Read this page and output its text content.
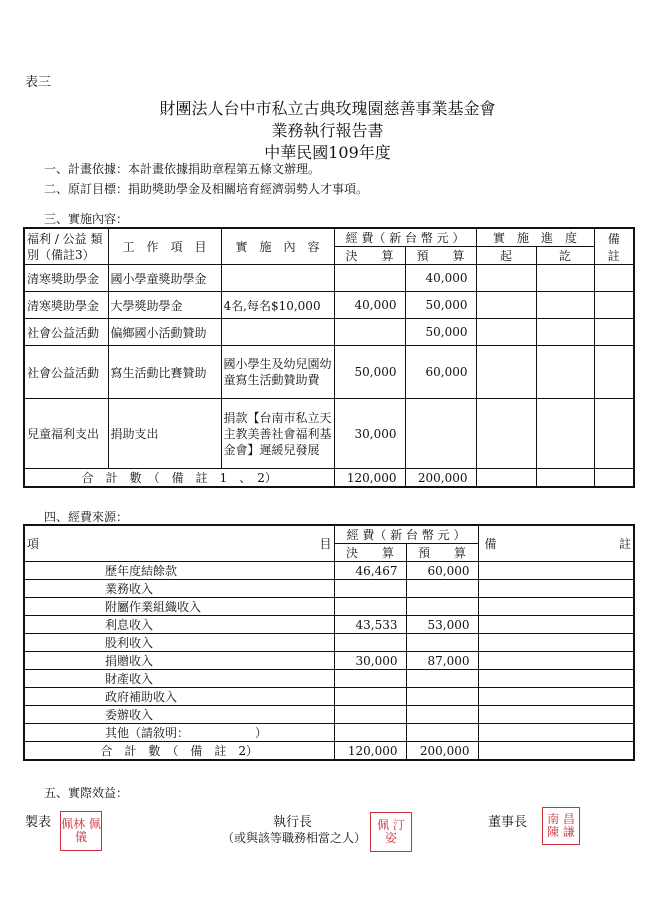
表三
財團法人台中市私立古典玫瑰園慈善事業基金會
業務執行報告書
中華民國109年度
一、計畫依據：本計畫依據捐助章程第五條文辦理。
二、原訂目標：捐助獎助學金及相關培育經濟弱勢人才事項。
三、實施內容：
福利 / 公益 類別（備註3）	工　作　項　目	實　施　內　容	經 費（ 新 台 幣 元 ）		實　施　進　度		備　註
			決　　算	預　　算	起	訖	
清寒獎助學金	國小學童獎助學金			40,000			
清寒獎助學金	大學獎助學金	4名,每名$10,000	40,000	50,000			
社會公益活動	偏鄉國小活動贊助			50,000			
社會公益活動	寫生活動比賽贊助	國小學生及幼兒園幼童寫生活動贊助費	50,000	60,000			
兒童福利支出	捐助支出	捐款【台南市私立天主教美善社會福利基金會】遲緩兒發展	30,000				
合　計　數　（　備　註　1　、　2）			120,000	200,000			
四、經費來源：
項 目	經 費（ 新 台 幣 元 ）		備 註

	決　　算	預　　算	
歷年度結餘款	46,467	60,000	
業務收入			
附屬作業組織收入			
利息收入	43,533	53,000	
股利收入			
捐贈收入	30,000	87,000	
財產收入			
政府補助收入			
委辦收入			
其他（請敘明：　　　　　　）			
合　計　數　（　備　註　2）	120,000	200,000	
五、實際效益：
製表 佩林 佩儀
執行長
（或與該等職務相當之人）
佩 汀 姿
董事長	南 昌 陳 謙
